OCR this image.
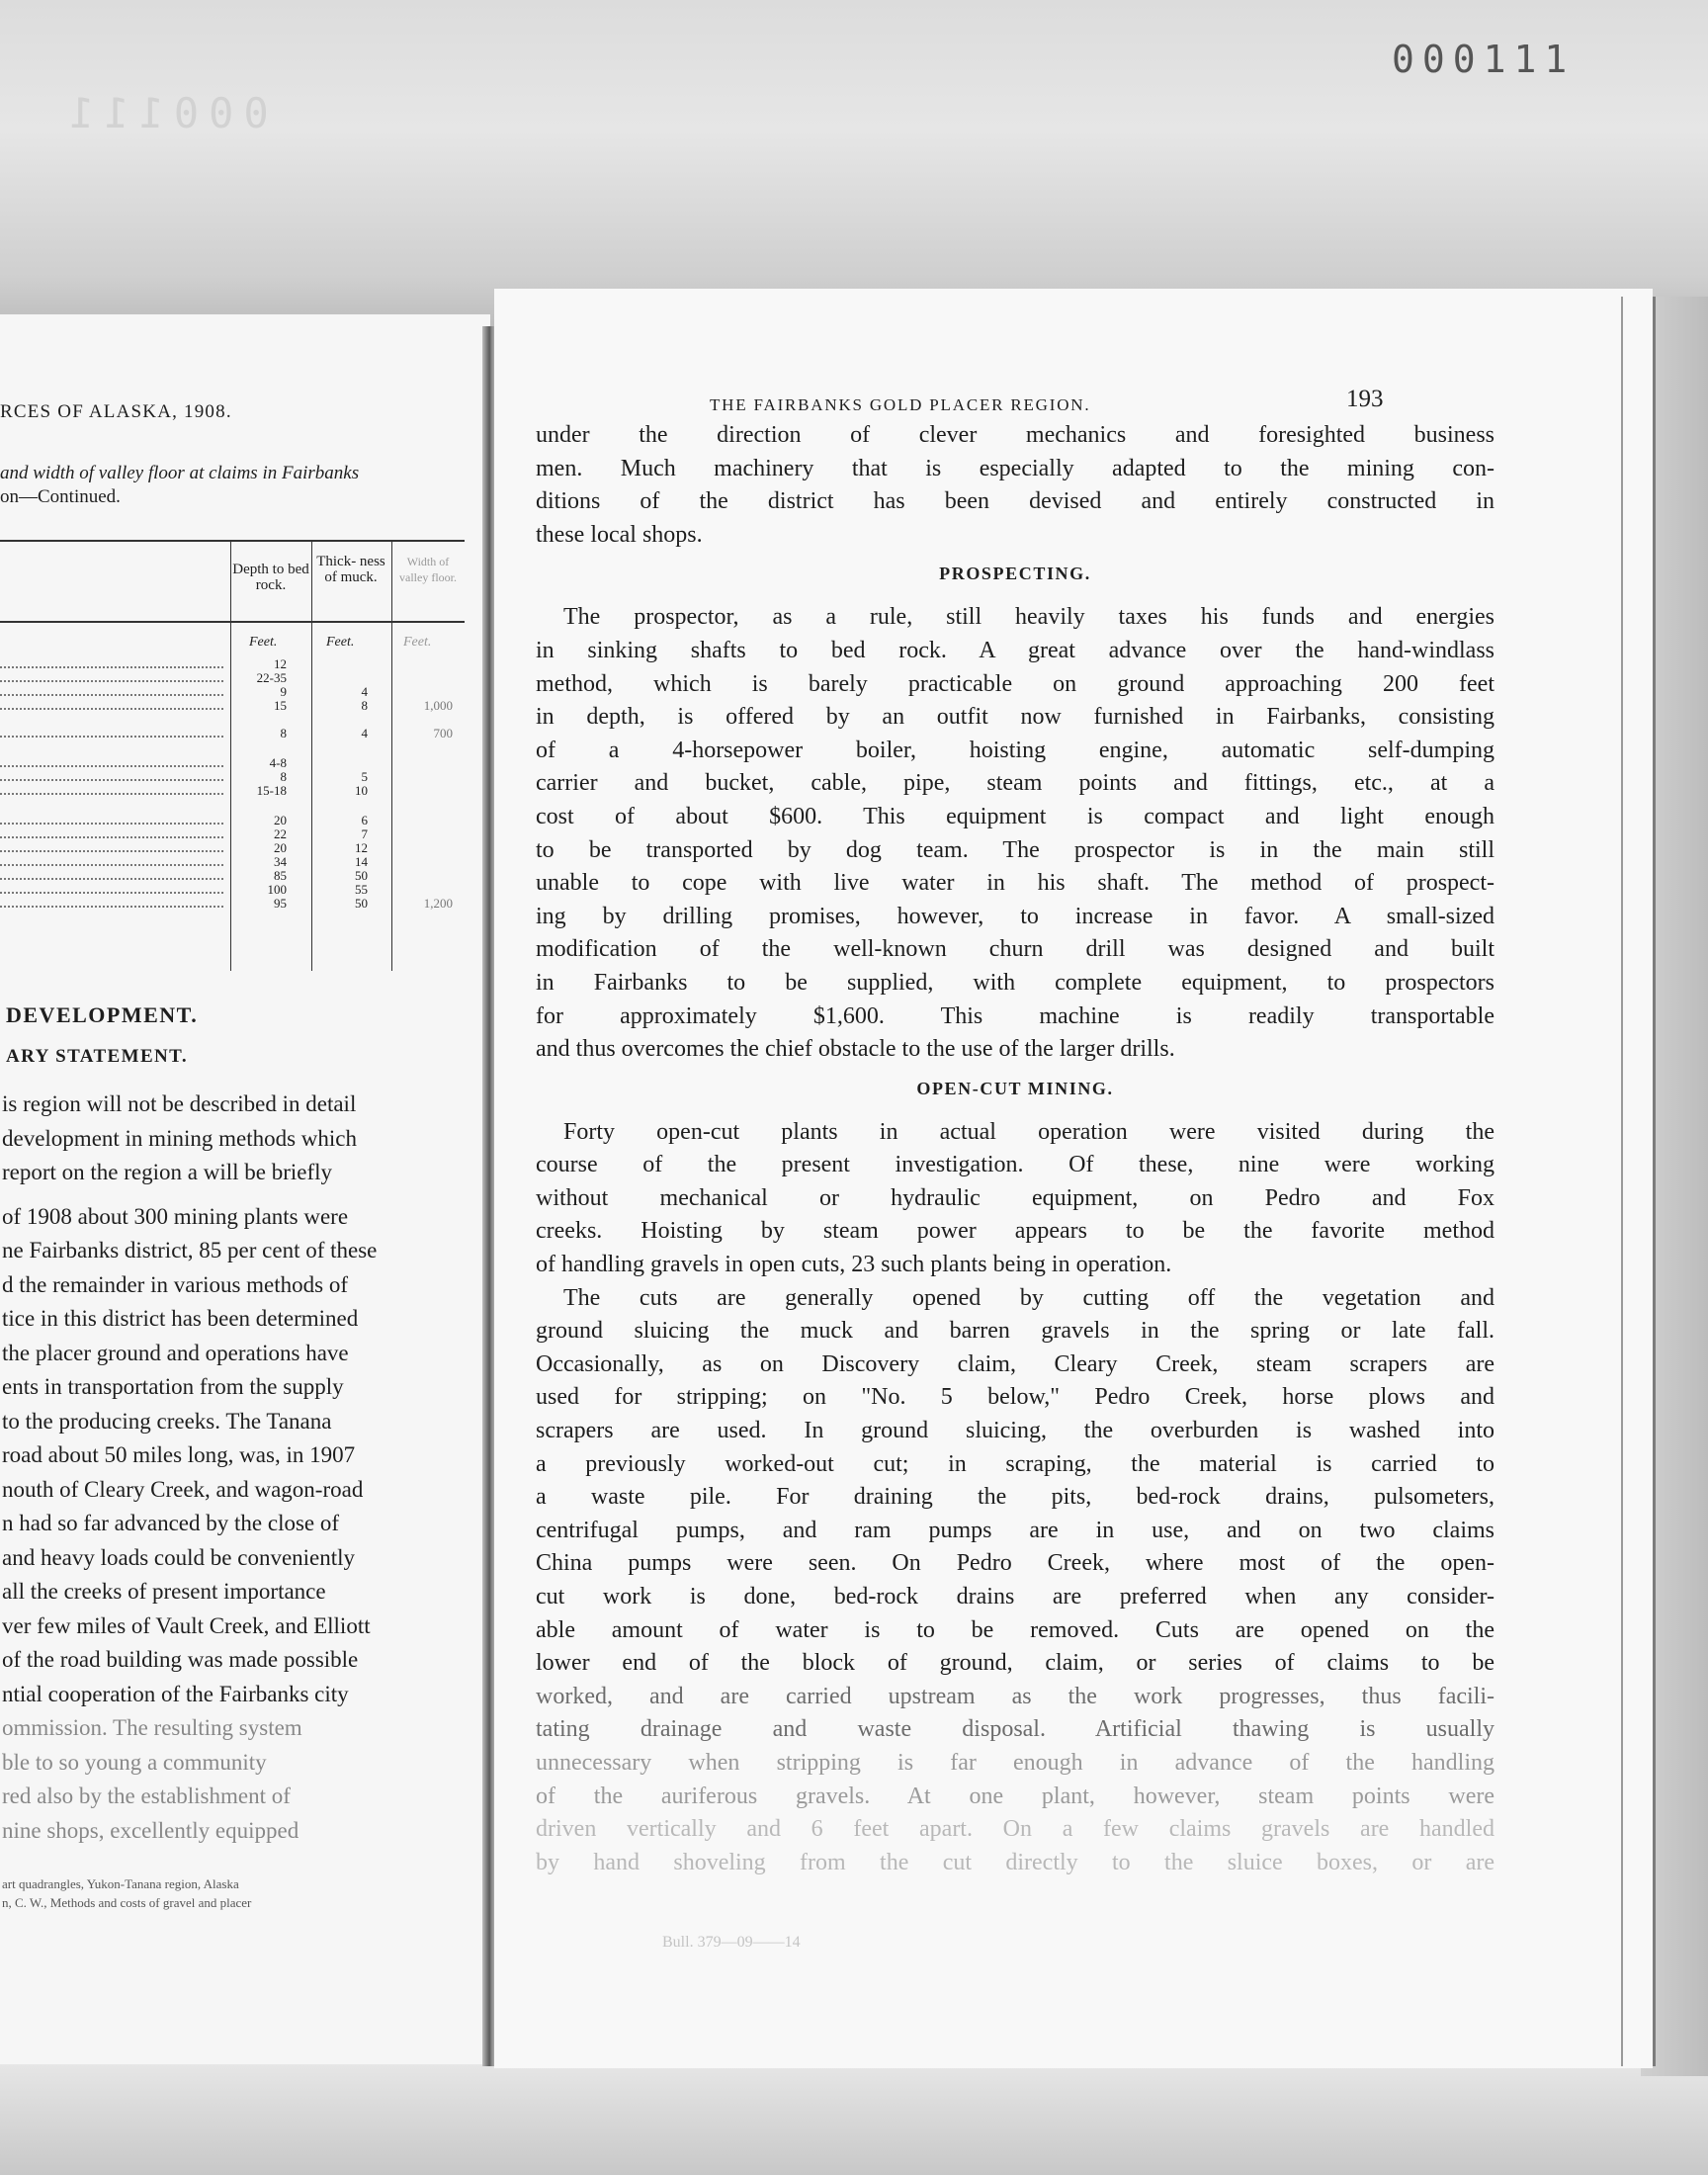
000111
000111
RCES OF ALASKA, 1908.
and width of valley floor at claims in Fairbanks
on—Continued.
Depth to bed rock.
Thick- ness of muck.
Width of valley floor.
Feet.	Feet.	Feet.
12
22-35
9	4
15	8	1,000
8	4	700
4-8
8	5
15-18	10
20	6
22	7
20	12
34	14
85	50
100	55
95	50	1,200
DEVELOPMENT.
ARY STATEMENT.
is region will not be described in detail
development in mining methods which
report on the region a will be briefly
of 1908 about 300 mining plants were
ne Fairbanks district, 85 per cent of these
d the remainder in various methods of
tice in this district has been determined
the placer ground and operations have
ents in transportation from the supply
to the producing creeks. The Tanana
road about 50 miles long, was, in 1907
nouth of Cleary Creek, and wagon-road
n had so far advanced by the close of
and heavy loads could be conveniently
all the creeks of present importance
ver few miles of Vault Creek, and Elliott
of the road building was made possible
ntial cooperation of the Fairbanks city
ommission. The resulting system
ble to so young a community
red also by the establishment of
nine shops, excellently equipped
art quadrangles, Yukon-Tanana region, Alaska
n, C. W., Methods and costs of gravel and placer
THE FAIRBANKS GOLD PLACER REGION.	193
under the direction of clever mechanics and foresighted business
men. Much machinery that is especially adapted to the mining con-
ditions of the district has been devised and entirely constructed in
these local shops.
PROSPECTING.
The prospector, as a rule, still heavily taxes his funds and energies
in sinking shafts to bed rock. A great advance over the hand-windlass
method, which is barely practicable on ground approaching 200 feet
in depth, is offered by an outfit now furnished in Fairbanks, consisting
of a 4-horsepower boiler, hoisting engine, automatic self-dumping
carrier and bucket, cable, pipe, steam points and fittings, etc., at a
cost of about $600. This equipment is compact and light enough
to be transported by dog team. The prospector is in the main still
unable to cope with live water in his shaft. The method of prospect-
ing by drilling promises, however, to increase in favor. A small-sized
modification of the well-known churn drill was designed and built
in Fairbanks to be supplied, with complete equipment, to prospectors
for approximately $1,600. This machine is readily transportable
and thus overcomes the chief obstacle to the use of the larger drills.
OPEN-CUT MINING.
Forty open-cut plants in actual operation were visited during the
course of the present investigation. Of these, nine were working
without mechanical or hydraulic equipment, on Pedro and Fox
creeks. Hoisting by steam power appears to be the favorite method
of handling gravels in open cuts, 23 such plants being in operation.
The cuts are generally opened by cutting off the vegetation and
ground sluicing the muck and barren gravels in the spring or late fall.
Occasionally, as on Discovery claim, Cleary Creek, steam scrapers are
used for stripping; on "No. 5 below," Pedro Creek, horse plows and
scrapers are used. In ground sluicing, the overburden is washed into
a previously worked-out cut; in scraping, the material is carried to
a waste pile. For draining the pits, bed-rock drains, pulsometers,
centrifugal pumps, and ram pumps are in use, and on two claims
China pumps were seen. On Pedro Creek, where most of the open-
cut work is done, bed-rock drains are preferred when any consider-
able amount of water is to be removed. Cuts are opened on the
lower end of the block of ground, claim, or series of claims to be
worked, and are carried upstream as the work progresses, thus facili-
tating drainage and waste disposal. Artificial thawing is usually
unnecessary when stripping is far enough in advance of the handling
of the auriferous gravels. At one plant, however, steam points were
driven vertically and 6 feet apart. On a few claims gravels are handled
by hand shoveling from the cut directly to the sluice boxes, or are
Bull. 379—09——14
